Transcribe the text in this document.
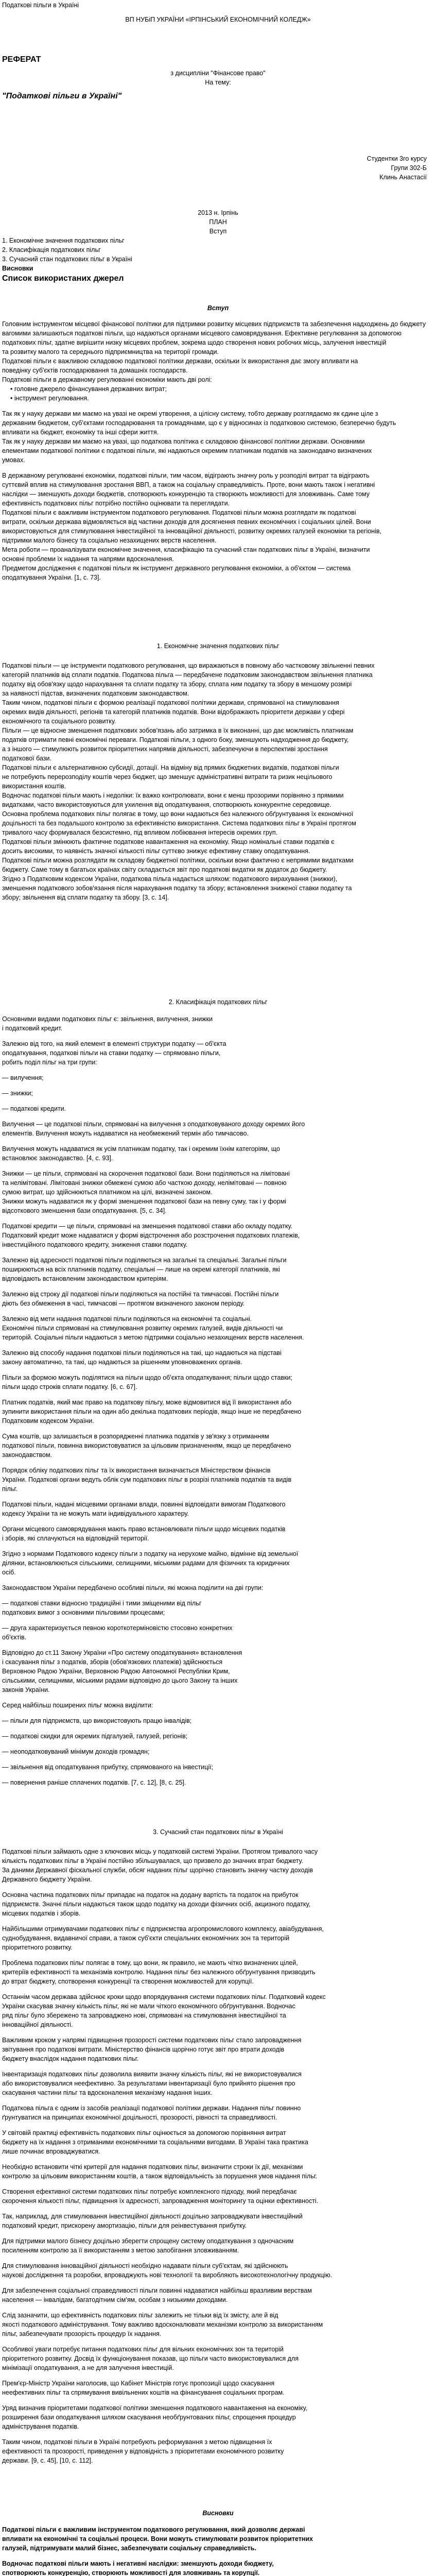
Податкові пільги в Україні

ВП НУБіП УКРАЇНИ «ІРПІНСЬКИЙ ЕКОНОМІЧНИЙ КОЛЕДЖ»

РЕФЕРАТ

з дисципліни "Фінансове право"

На тему:

"Податкові пільги в Україні"

Студентки 3го курсу

Групи 302-Б

Клинь Анастасії

2013 н. Ірпінь

ПЛАН

Вступ

1. Економічне значення податкових пільг

2. Класифікація податкових пільг

3. Сучасний стан податкових пільг в Україні

Висновки

Список використаних джерел

Вступ

Головним інструментом місцевої фінансової політики для підтримки розвитку місцевих підприємств та забезпечення надходжень до бюджету

вагомими залишаються податкові пільги, що надаються органами місцевого самоврядування. Ефективне регулювання за допомогою

податкових пільг, здатне вирішити низку місцевих проблем, зокрема щодо створення нових робочих місць, залучення інвестицій

та розвитку малого та середнього підприємництва на території громади.

Податкові пільги є важливою складовою податкової політики держави, оскільки їх використання дає змогу впливати на

поведінку суб'єктів господарювання та домашніх господарств.

Податкові пільги в державному регулюванні економіки мають дві ролі:

• головне джерело фінансування державних витрат;

• інструмент регулювання.

Так як у науку держави ми маємо на увазі не окремі утворення, а цілісну систему, тобто державу розглядаємо як єдине ціле з

державним бюджетом, суб'єктами господарювання та громадянами, що є у відносинах із податковою системою, безперечно будуть

впливати на бюджет, економіку та інші сфери життя.

Так як у науку держави ми маємо на увазі, що податкова політика є складовою фінансової політики держави. Основними

елементами податкової політики є податкові пільги, які надаються окремим платникам податків на законодавчо визначених

умовах.

В державному регулюванні економіки, податкові пільги, тим часом, відіграють значну роль у розподілі витрат та відіграють

суттєвий вплив на стимулювання зростання ВВП, а також на соціальну справедливість. Проте, вони мають також і негативні

наслідки — зменшують доходи бюджетів, спотворюють конкуренцію та створюють можливості для зловживань. Саме тому

ефективність податкових пільг потрібно постійно оцінювати та переглядати.

Податкові пільги є важливим інструментом податкового регулювання. Податкові пільги можна розглядати як податкові

витрати, оскільки держава відмовляється від частини доходів для досягнення певних економічних і соціальних цілей. Вони

використовуються для стимулювання інвестиційної та інноваційної діяльності, розвитку окремих галузей економіки та регіонів,

підтримки малого бізнесу та соціально незахищених верств населення.

Мета роботи — проаналізувати економічне значення, класифікацію та сучасний стан податкових пільг в Україні, визначити

основні проблеми їх надання та напрями вдосконалення.

Предметом дослідження є податкові пільги як інструмент державного регулювання економіки, а об'єктом — система

оподаткування України. [1, с. 73].

1. Економічне значення податкових пільг

Податкові пільги — це інструменти податкового регулювання, що виражаються в повному або частковому звільненні певних

категорій платників від сплати податків. Податкова пільга — передбачене податковим законодавством звільнення платника

податку від обов'язку щодо нарахування та сплати податку та збору, сплата ним податку та збору в меншому розмірі

за наявності підстав, визначених податковим законодавством.

Таким чином, податкові пільги є формою реалізації податкової політики держави, спрямованої на стимулювання

окремих видів діяльності, регіонів та категорій платників податків. Вони відображають пріоритети держави у сфері

економічного та соціального розвитку.

Пільги — це відносне зменшення податкових зобов'язань або затримка в їх виконанні, що дає можливість платникам

податків отримати певні економічні переваги. Податкові пільги, з одного боку, зменшують надходження до бюджету,

а з іншого — стимулюють розвиток пріоритетних напрямів діяльності, забезпечуючи в перспективі зростання

податкової бази.

Податкові пільги є альтернативною субсидії, дотації. На відміну від прямих бюджетних видатків, податкові пільги

не потребують перерозподілу коштів через бюджет, що зменшує адміністративні витрати та ризик нецільового

використання коштів.

Водночас податкові пільги мають і недоліки: їх важко контролювати, вони є менш прозорими порівняно з прямими

видатками, часто використовуються для ухилення від оподаткування, спотворюють конкурентне середовище.

Основна проблема податкових пільг полягає в тому, що вони надаються без належного обґрунтування їх економічної

доцільності та без подальшого контролю за ефективністю використання. Система податкових пільг в Україні протягом

тривалого часу формувалася безсистемно, під впливом лобіювання інтересів окремих груп.

Податкові пільги змінюють фактичне податкове навантаження на економіку. Якщо номінальні ставки податків є

досить високими, то наявність значної кількості пільг суттєво знижує ефективну ставку оподаткування.

Податкові пільги можна розглядати як складову бюджетної політики, оскільки вони фактично є непрямими видатками

бюджету. Саме тому в багатьох країнах світу складається звіт про податкові видатки як додаток до бюджету.

Згідно з Податковим кодексом України, податкова пільга надається шляхом: податкового вирахування (знижки),

зменшення податкового зобов'язання після нарахування податку та збору; встановлення зниженої ставки податку та

збору; звільнення від сплати податку та збору. [3, с. 14].

2. Класифікація податкових пільг

Основними видами податкових пільг є: звільнення, вилучення, знижки

і податковий кредит.

Залежно від того, на який елемент в елементі структури податку — об'єкта

оподаткування, податкові пільги на ставки податку — спрямовано пільги,

робить поділ пільг на три групи:

— вилучення;

— знижки;

— податкові кредити.

Вилучення — це податкові пільги, спрямовані на вилучення з оподатковуваного доходу окремих його

елементів. Вилучення можуть надаватися на необмежений термін або тимчасово.

Вилучення можуть надаватися як усім платникам податку, так і окремим їхнім категоріям, що

встановлює законодавство. [4, с. 93].

Знижки — це пільги, спрямовані на скорочення податкової бази. Вони поділяються на лімітовані

та нелімітовані. Лімітовані знижки обмежені сумою або часткою доходу, нелімітовані — повною

сумою витрат, що здійснюються платником на цілі, визначені законом.

Знижки можуть надаватися як у формі зменшення податкової бази на певну суму, так і у формі

відсоткового зменшення бази оподаткування. [5, с. 34].

Податкові кредити — це пільги, спрямовані на зменшення податкової ставки або окладу податку.

Податковий кредит може надаватися у формі відстрочення або розстрочення податкових платежів,

інвестиційного податкового кредиту, зниження ставки податку.

Залежно від адресності податкові пільги поділяються на загальні та спеціальні. Загальні пільги

поширюються на всіх платників податку, спеціальні — лише на окремі категорії платників, які

відповідають встановленим законодавством критеріям.

Залежно від строку дії податкові пільги поділяються на постійні та тимчасові. Постійні пільги

діють без обмеження в часі, тимчасові — протягом визначеного законом періоду.

Залежно від мети надання податкові пільги поділяються на економічні та соціальні.

Економічні пільги спрямовані на стимулювання розвитку окремих галузей, видів діяльності чи

територій. Соціальні пільги надаються з метою підтримки соціально незахищених верств населення.

Залежно від способу надання податкові пільги поділяються на такі, що надаються на підставі

закону автоматично, та такі, що надаються за рішенням уповноважених органів.

Пільги за формою можуть поділятися на пільги щодо об'єкта оподаткування; пільги щодо ставки;

пільги щодо строків сплати податку. [6, с. 67].

Платник податків, який має право на податкову пільгу, може відмовитися від її використання або

зупинити використання пільги на один або декілька податкових періодів, якщо інше не передбачено

Податковим кодексом України.

Сума коштів, що залишається в розпорядженні платника податків у зв'язку з отриманням

податкової пільги, повинна використовуватися за цільовим призначенням, якщо це передбачено

законодавством.

Порядок обліку податкових пільг та їх використання визначається Міністерством фінансів

України. Податкові органи ведуть облік сум податкових пільг в розрізі платників податків та видів

пільг.

Податкові пільги, надані місцевими органами влади, повинні відповідати вимогам Податкового

кодексу України та не можуть мати індивідуального характеру.

Органи місцевого самоврядування мають право встановлювати пільги щодо місцевих податків

і зборів, які сплачуються на відповідній території.

Згідно з нормами Податкового кодексу пільги з податку на нерухоме майно, відмінне від земельної

ділянки, встановлюються сільськими, селищними, міськими радами для фізичних та юридичних

осіб.

Законодавством України передбачено особливі пільги, які можна поділити на дві групи:

— податкові ставки відносно традиційні і тими зміщеними від пільг

податкових вимог з основними пільговими процесами;

— друга характеризується певною короткотерміновістю стосовно конкретних

об'єктів.

Відповідно до ст.11 Закону України «Про систему оподаткування» встановлення

і скасування пільг з податків, зборів (обов'язкових платежів) здійснюється

Верховною Радою України, Верховною Радою Автономної Республіки Крим,

сільськими, селищними, міськими радами відповідно до цього Закону та інших

законів України.

Серед найбільш поширених пільг можна виділити:

— пільги для підприємств, що використовують працю інвалідів;

— податкові скидки для окремих підгалузей, галузей, регіонів;

— неоподатковуваний мінімум доходів громадян;

— звільнення від оподаткування прибутку, спрямованого на інвестиції;

— повернення раніше сплачених податків. [7, с. 12], [8, с. 25].

3. Сучасний стан податкових пільг в Україні

Податкові пільги займають одне з ключових місць у податковій системі України. Протягом тривалого часу

кількість податкових пільг в Україні постійно збільшувалася, що призвело до значних втрат бюджету.

За даними Державної фіскальної служби, обсяг наданих пільг щорічно становить значну частку доходів

Державного бюджету України.

Основна частина податкових пільг припадає на податок на додану вартість та податок на прибуток

підприємств. Значні пільги надаються також щодо податку на доходи фізичних осіб, акцизного податку,

місцевих податків і зборів.

Найбільшими отримувачами податкових пільг є підприємства агропромислового комплексу, авіабудування,

суднобудування, видавничої справи, а також суб'єкти спеціальних економічних зон та територій

пріоритетного розвитку.

Проблема податкових пільг полягає в тому, що вони, як правило, не мають чітко визначених цілей,

критеріїв ефективності та механізмів контролю. Надання пільг без належного обґрунтування призводить

до втрат бюджету, спотворення конкуренції та створення можливостей для корупції.

Останнім часом держава здійснює кроки щодо впорядкування системи податкових пільг. Податковий кодекс

України скасував значну кількість пільг, які не мали чіткого економічного обґрунтування. Водночас

ряд пільг було збережено та запроваджено нові, спрямовані на стимулювання інвестиційної та

інноваційної діяльності.

Важливим кроком у напрямі підвищення прозорості системи податкових пільг стало запровадження

звітування про податкові витрати. Міністерство фінансів щорічно готує звіт про втрати доходів

бюджету внаслідок надання податкових пільг.

Інвентаризація податкових пільг дозволила виявити значну кількість пільг, які не використовувалися

або використовувалися неефективно. За результатами інвентаризації було прийнято рішення про

скасування частини пільг та вдосконалення механізму надання інших.

Податкова пільга є одним із засобів реалізації податкової політики держави. Надання пільг повинно

ґрунтуватися на принципах економічної доцільності, прозорості, рівності та справедливості.

У світовій практиці ефективність податкових пільг оцінюється за допомогою порівняння витрат

бюджету на їх надання з отриманими економічними та соціальними вигодами. В Україні така практика

лише починає впроваджуватися.

Необхідно встановити чіткі критерії для надання податкових пільг, визначити строки їх дії, механізми

контролю за цільовим використанням коштів, а також відповідальність за порушення умов надання пільг.

Створення ефективної системи податкових пільг потребує комплексного підходу, який передбачає

скорочення кількості пільг, підвищення їх адресності, запровадження моніторингу та оцінки ефективності.

Так, наприклад, для стимулювання інвестиційної діяльності доцільно запроваджувати інвестиційний

податковий кредит, прискорену амортизацію, пільги для реінвестування прибутку.

Для підтримки малого бізнесу доцільно зберегти спрощену систему оподаткування з одночасним

посиленням контролю за її використанням з метою запобігання зловживанням.

Для стимулювання інноваційної діяльності необхідно надавати пільги суб'єктам, які здійснюють

наукові дослідження та розробки, впроваджують нові технології та виробляють високотехнологічну продукцію.

Для забезпечення соціальної справедливості пільги повинні надаватися найбільш вразливим верствам

населення — інвалідам, багатодітним сім'ям, особам з низькими доходами.

Слід зазначити, що ефективність податкових пільг залежить не тільки від їх змісту, але й від

якості податкового адміністрування. Тому важливо вдосконалювати механізми контролю за використанням

пільг, забезпечувати прозорість процедур їх надання.

Особливої уваги потребує питання податкових пільг для вільних економічних зон та територій

пріоритетного розвитку. Досвід їх функціонування показав, що пільги часто використовувалися для

мінімізації оподаткування, а не для залучення інвестицій.

Прем'єр-Міністр України наголосив, що Кабінет Міністрів готує пропозиції щодо скасування

неефективних пільг та спрямування вивільнених коштів на фінансування соціальних програм.

Уряд визначив пріоритетами податкової політики зменшення податкового навантаження на економіку,

розширення бази оподаткування шляхом скасування необґрунтованих пільг, спрощення процедур

адміністрування податків.

Таким чином, податкові пільги в Україні потребують реформування з метою підвищення їх

ефективності та прозорості, приведення у відповідність з пріоритетами економічного розвитку

держави. [9, с. 45], [10, с. 112].

Висновки

Податкові пільги є важливим інструментом податкового регулювання, який дозволяє державі

впливати на економічні та соціальні процеси. Вони можуть стимулювати розвиток пріоритетних

галузей, підтримувати малий бізнес, забезпечувати соціальну справедливість.

Водночас податкові пільги мають і негативні наслідки: зменшують доходи бюджету,

спотворюють конкуренцію, створюють можливості для зловживань та корупції.
